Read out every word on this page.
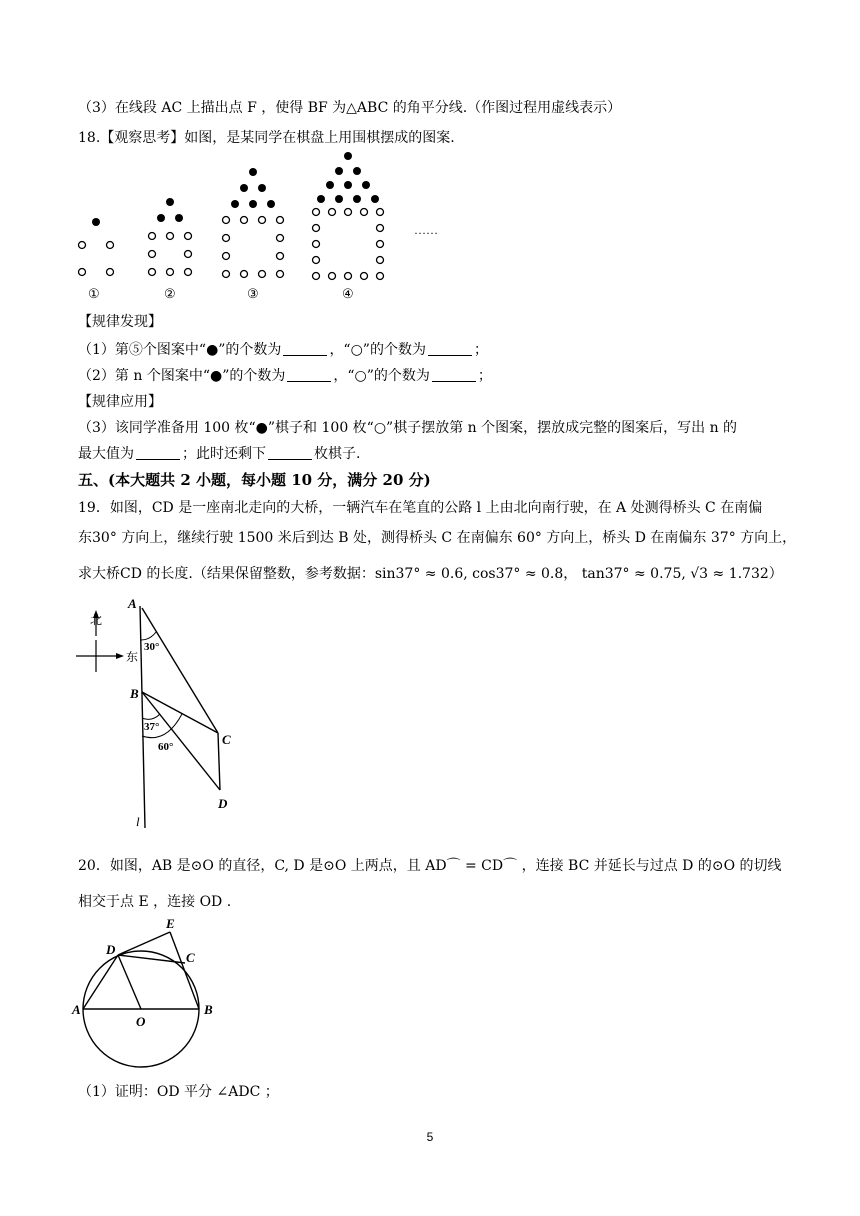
（3）在线段 AC 上描出点 F ，使得 BF 为△ABC 的角平分线.（作图过程用虚线表示）
18.【观察思考】如图，是某同学在棋盘上用围棋摆成的图案.
……
①	②	③	④
【规律发现】
（1）第⑤个图案中“●”的个数为	，“○”的个数为	；
（2）第 n 个图案中“●”的个数为	，“○”的个数为	；
【规律应用】
（3）该同学准备用 100 枚“●”棋子和 100 枚“○”棋子摆放第 n 个图案，摆放成完整的图案后，写出 n 的
最大值为	；此时还剩下	枚棋子.
五、(本大题共 2 小题，每小题 10 分，满分 20 分)
19．如图，CD 是一座南北走向的大桥，一辆汽车在笔直的公路 l 上由北向南行驶，在 A 处测得桥头 C 在南偏
东30° 方向上，继续行驶 1500 米后到达 B 处，测得桥头 C 在南偏东 60° 方向上，桥头 D 在南偏东 37° 方向上，
求大桥CD 的长度.（结果保留整数，参考数据：sin37° ≈ 0.6, cos37° ≈ 0.8， tan37° ≈ 0.75, √3 ≈ 1.732）
北
东
A
30°
B
37°
60°	C
D
l
20．如图，AB 是⊙O 的直径，C, D 是⊙O 上两点，且 AD⌒ = CD⌒ ，连接 BC 并延长与过点 D 的⊙O 的切线
相交于点 E ，连接 OD .
A	B
O
D
C
E
（1）证明：OD 平分 ∠ADC ；
5
